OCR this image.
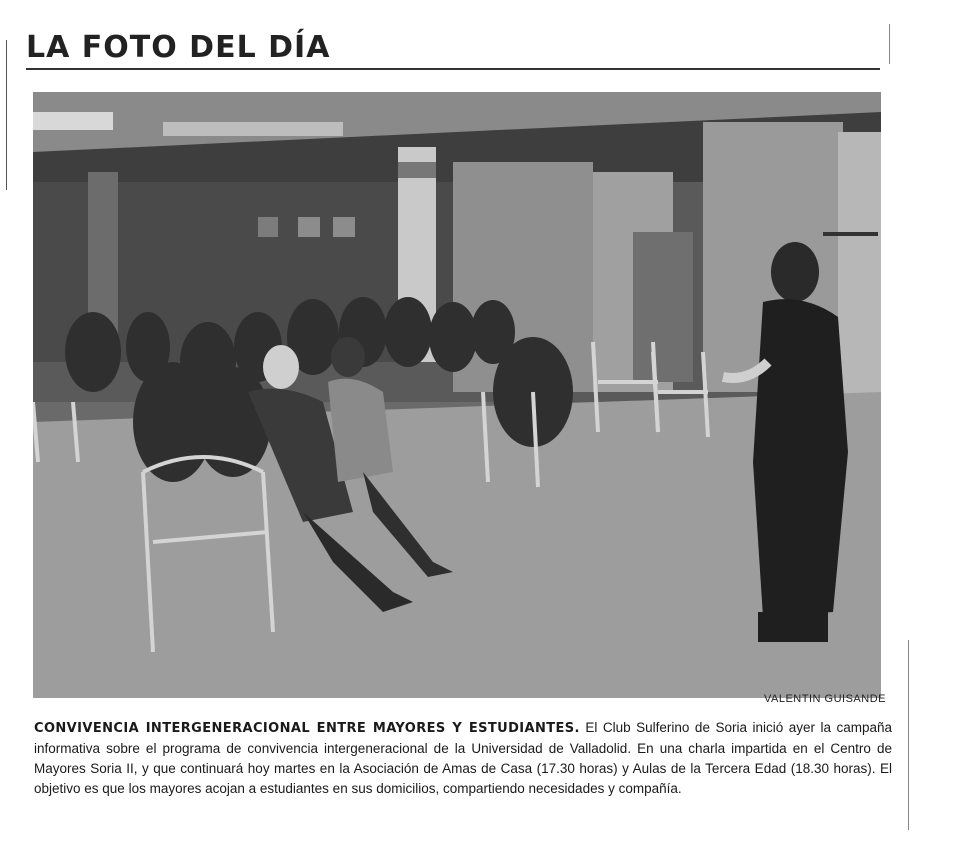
LA FOTO DEL DÍA
VALENTIN GUISANDE
CONVIVENCIA INTERGENERACIONAL ENTRE MAYORES Y ESTUDIANTES. El Club Sulferino de Soria inició ayer la campaña informativa sobre el programa de convivencia intergeneracional de la Universidad de Valladolid. En una charla impartida en el Centro de Mayores Soria II, y que continuará hoy martes en la Asociación de Amas de Casa (17.30 horas) y Aulas de la Tercera Edad (18.30 horas). El objetivo es que los mayores acojan a estudiantes en sus domicilios, compartiendo necesidades y compañía.
